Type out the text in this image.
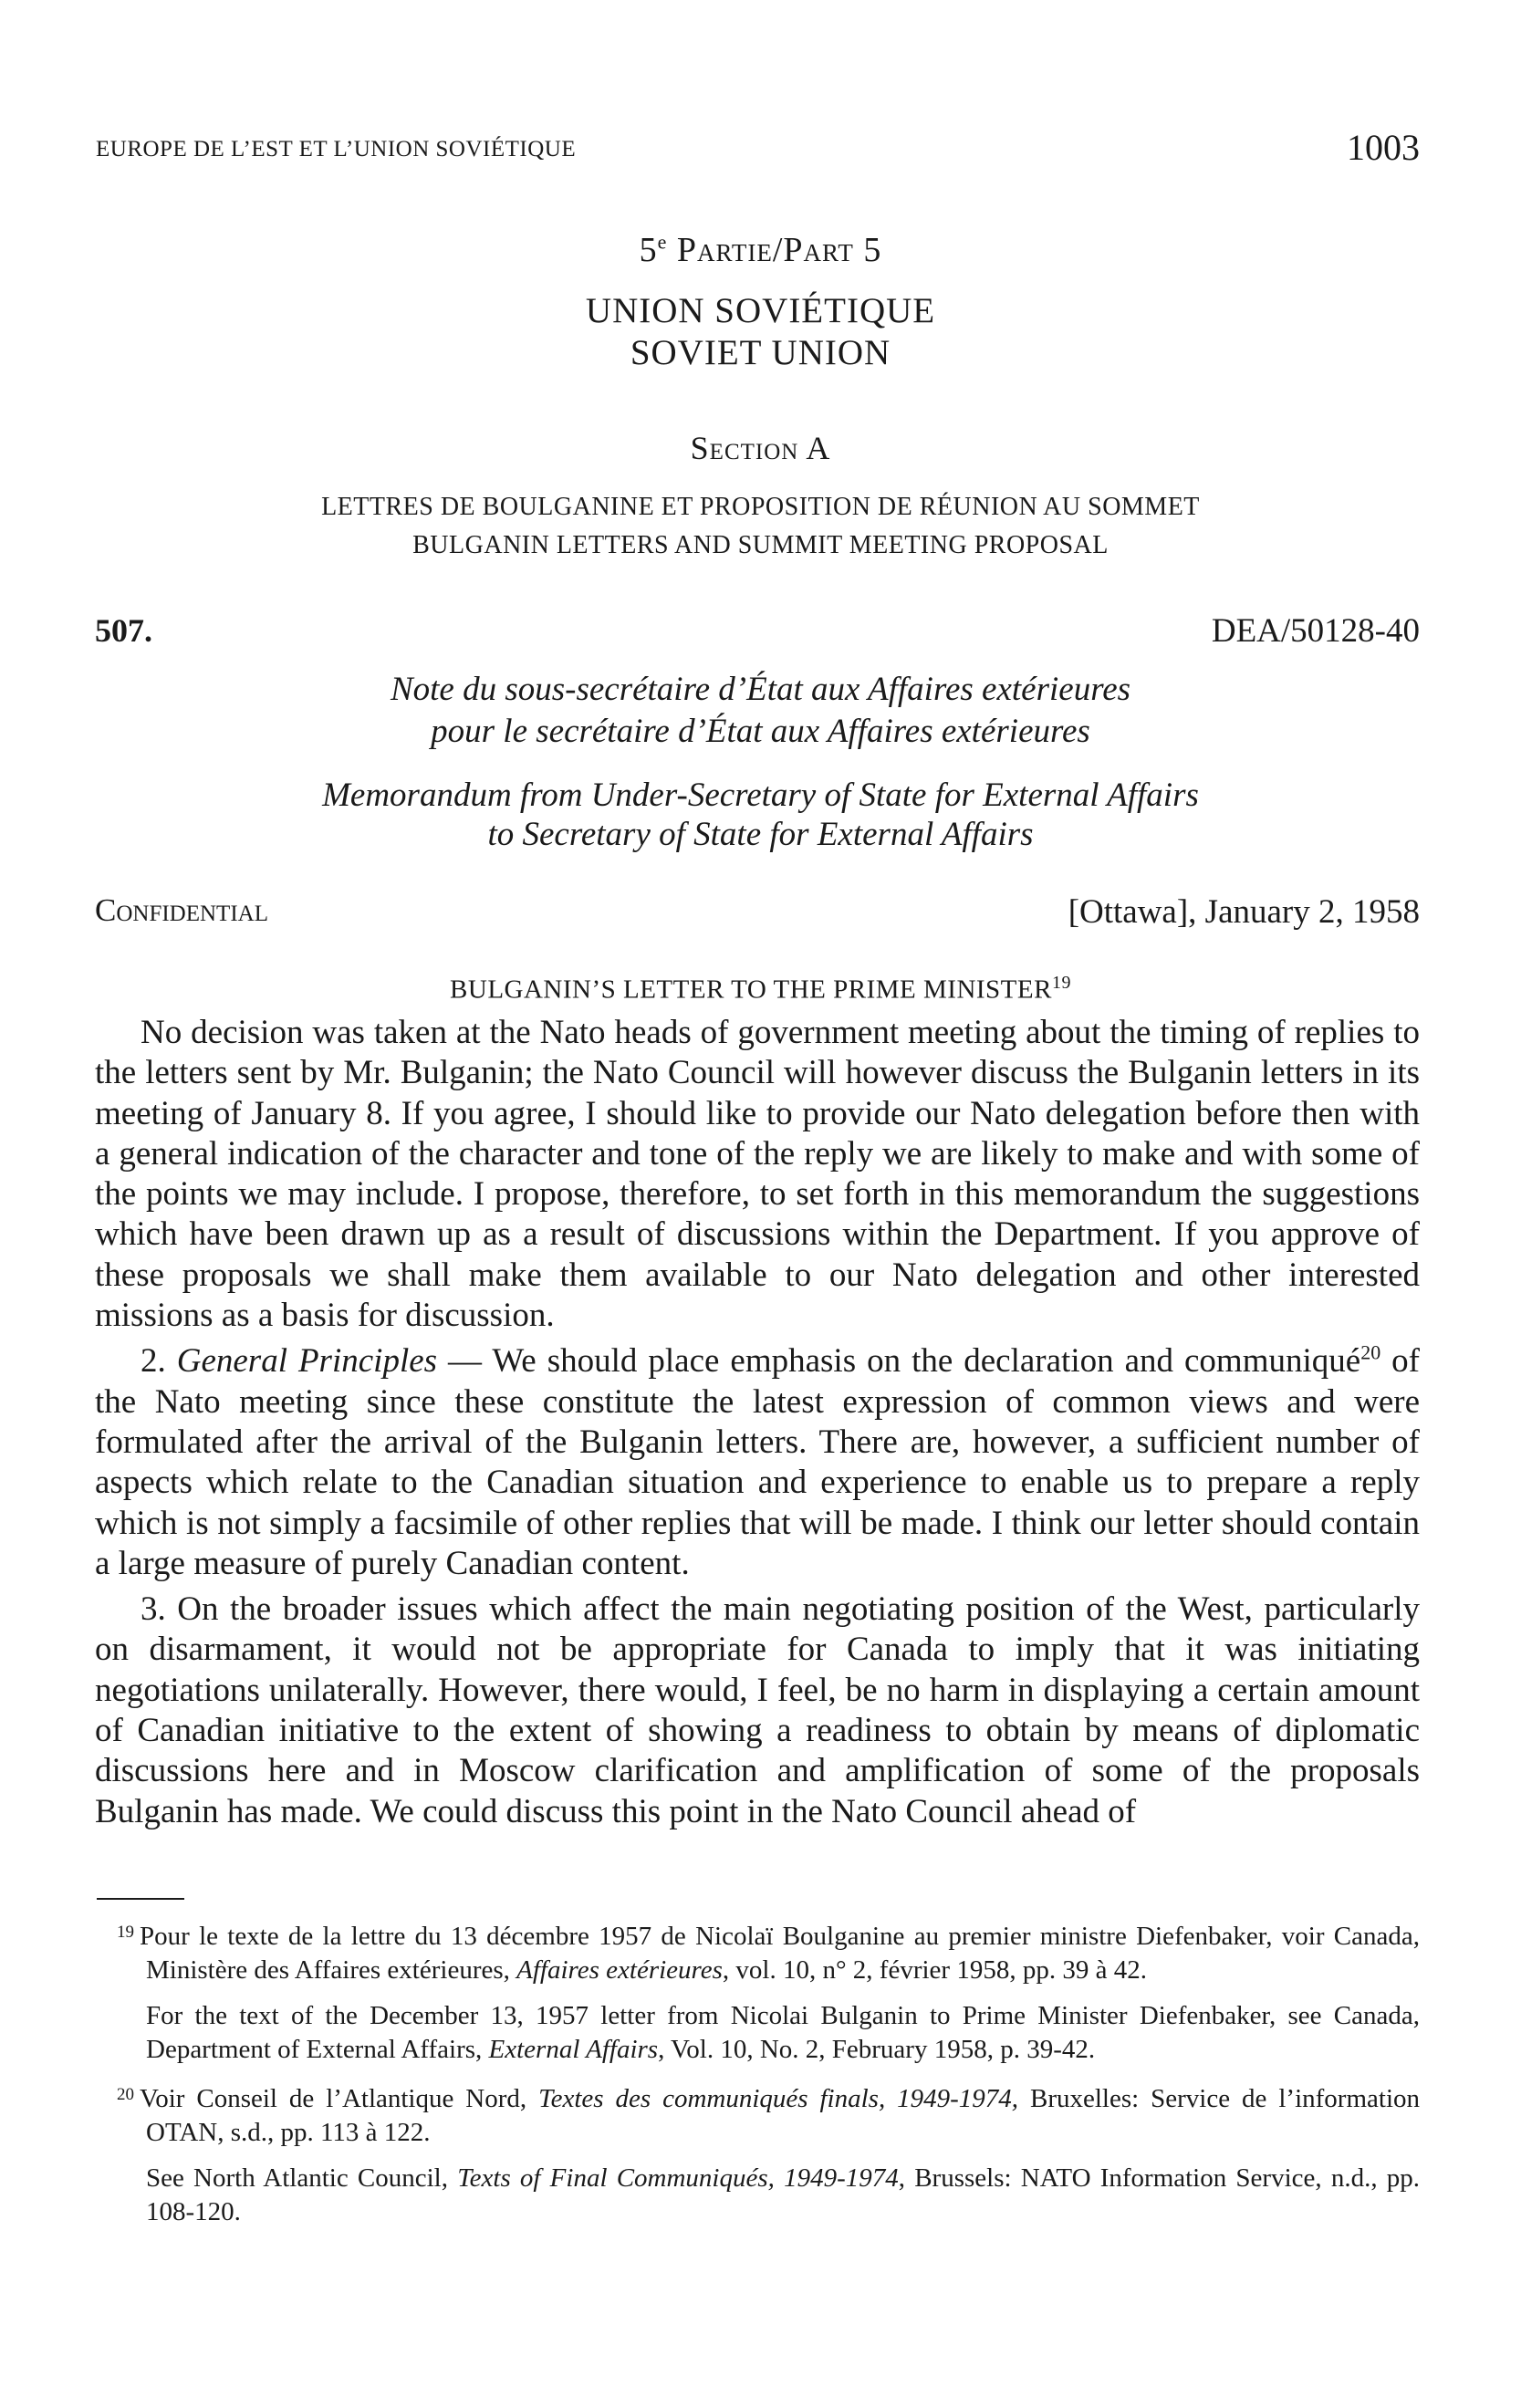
EUROPE DE L’EST ET L’UNION SOVIÉTIQUE	1003
5e Partie/Part 5
UNION SOVIÉTIQUE
SOVIET UNION
Section A
LETTRES DE BOULGANINE ET PROPOSITION DE RÉUNION AU SOMMET
BULGANIN LETTERS AND SUMMIT MEETING PROPOSAL
507.	DEA/50128-40
Note du sous-secrétaire d’État aux Affaires extérieures
pour le secrétaire d’État aux Affaires extérieures
Memorandum from Under-Secretary of State for External Affairs
to Secretary of State for External Affairs
Confidential	[Ottawa], January 2, 1958
BULGANIN’S LETTER TO THE PRIME MINISTER$^{19}$

No decision was taken at the Nato heads of government meeting about the timing of replies to the letters sent by Mr. Bulganin; the Nato Council will however discuss the Bulganin letters in its meeting of January 8. If you agree, I should like to provide our Nato delegation before then with a general indication of the character and tone of the reply we are likely to make and with some of the points we may include. I propose, therefore, to set forth in this memorandum the suggestions which have been drawn up as a result of discussions within the Department. If you approve of these proposals we shall make them available to our Nato delegation and other interested missions as a basis for discussion.

2. General Principles — We should place emphasis on the declaration and communiqué$^{20}$ of the Nato meeting since these constitute the latest expression of common views and were formulated after the arrival of the Bulganin letters. There are, however, a sufficient number of aspects which relate to the Canadian situation and experience to enable us to prepare a reply which is not simply a facsimile of other replies that will be made. I think our letter should contain a large measure of purely Canadian content.

3. On the broader issues which affect the main negotiating position of the West, particularly on disarmament, it would not be appropriate for Canada to imply that it was initiating negotiations unilaterally. However, there would, I feel, be no harm in displaying a certain amount of Canadian initiative to the extent of showing a readiness to obtain by means of diplomatic discussions here and in Moscow clarification and amplification of some of the proposals Bulganin has made. We could discuss this point in the Nato Council ahead of

$^{19}$ Pour le texte de la lettre du 13 décembre 1957 de Nicolaï Boulganine au premier ministre Diefenbaker, voir Canada, Ministère des Affaires extérieures, Affaires extérieures, vol. 10, n° 2, février 1958, pp. 39 à 42.

For the text of the December 13, 1957 letter from Nicolai Bulganin to Prime Minister Diefenbaker, see Canada, Department of External Affairs, External Affairs, Vol. 10, No. 2, February 1958, p. 39-42.

$^{20}$ Voir Conseil de l’Atlantique Nord, Textes des communiqués finals, 1949-1974, Bruxelles: Service de l’information OTAN, s.d., pp. 113 à 122.

See North Atlantic Council, Texts of Final Communiqués, 1949-1974, Brussels: NATO Information Service, n.d., pp. 108-120.
